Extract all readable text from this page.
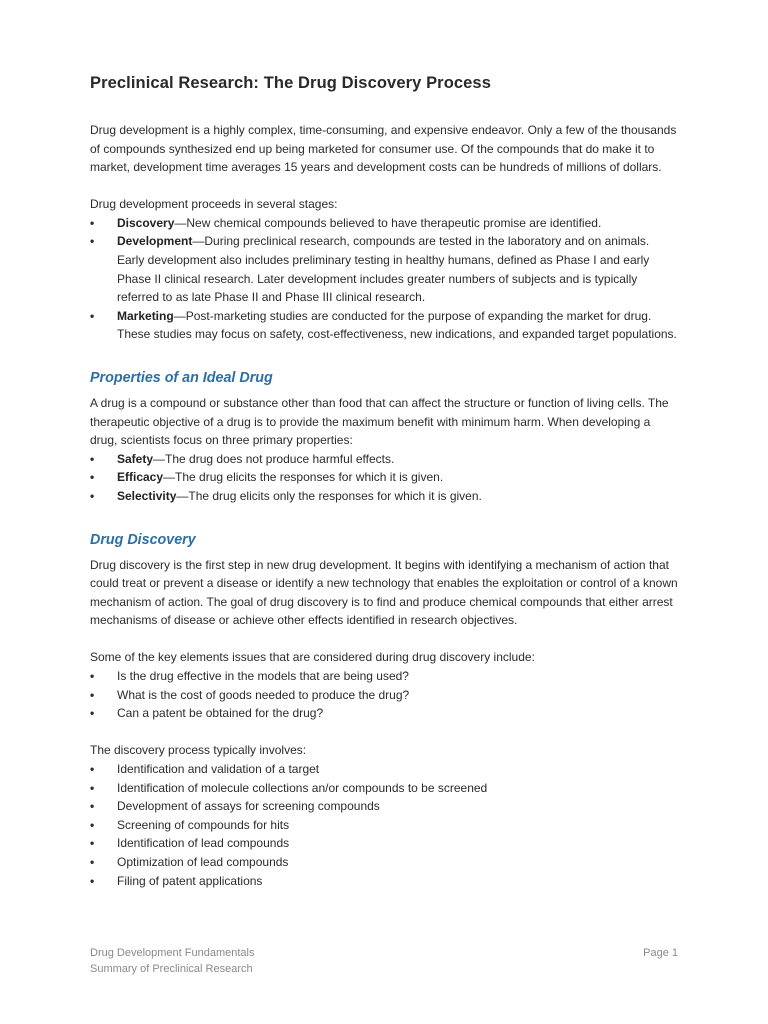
Preclinical Research: The Drug Discovery Process

Drug development is a highly complex, time-consuming, and expensive endeavor. Only a few of the thousands of compounds synthesized end up being marketed for consumer use. Of the compounds that do make it to market, development time averages 15 years and development costs can be hundreds of millions of dollars.

Drug development proceeds in several stages:

• Discovery—New chemical compounds believed to have therapeutic promise are identified.
• Development—During preclinical research, compounds are tested in the laboratory and on animals. Early development also includes preliminary testing in healthy humans, defined as Phase I and early Phase II clinical research. Later development includes greater numbers of subjects and is typically referred to as late Phase II and Phase III clinical research.
• Marketing—Post-marketing studies are conducted for the purpose of expanding the market for drug. These studies may focus on safety, cost-effectiveness, new indications, and expanded target populations.
Properties of an Ideal Drug

A drug is a compound or substance other than food that can affect the structure or function of living cells. The therapeutic objective of a drug is to provide the maximum benefit with minimum harm. When developing a drug, scientists focus on three primary properties:

• Safety—The drug does not produce harmful effects.
• Efficacy—The drug elicits the responses for which it is given.
• Selectivity—The drug elicits only the responses for which it is given.
Drug Discovery

Drug discovery is the first step in new drug development. It begins with identifying a mechanism of action that could treat or prevent a disease or identify a new technology that enables the exploitation or control of a known mechanism of action. The goal of drug discovery is to find and produce chemical compounds that either arrest mechanisms of disease or achieve other effects identified in research objectives.

Some of the key elements issues that are considered during drug discovery include:

• Is the drug effective in the models that are being used?
• What is the cost of goods needed to produce the drug?
• Can a patent be obtained for the drug?

The discovery process typically involves:

• Identification and validation of a target
• Identification of molecule collections an/or compounds to be screened
• Development of assays for screening compounds
• Screening of compounds for hits
• Identification of lead compounds
• Optimization of lead compounds
• Filing of patent applications
Drug Development Fundamentals
Summary of Preclinical Research
Page 1
